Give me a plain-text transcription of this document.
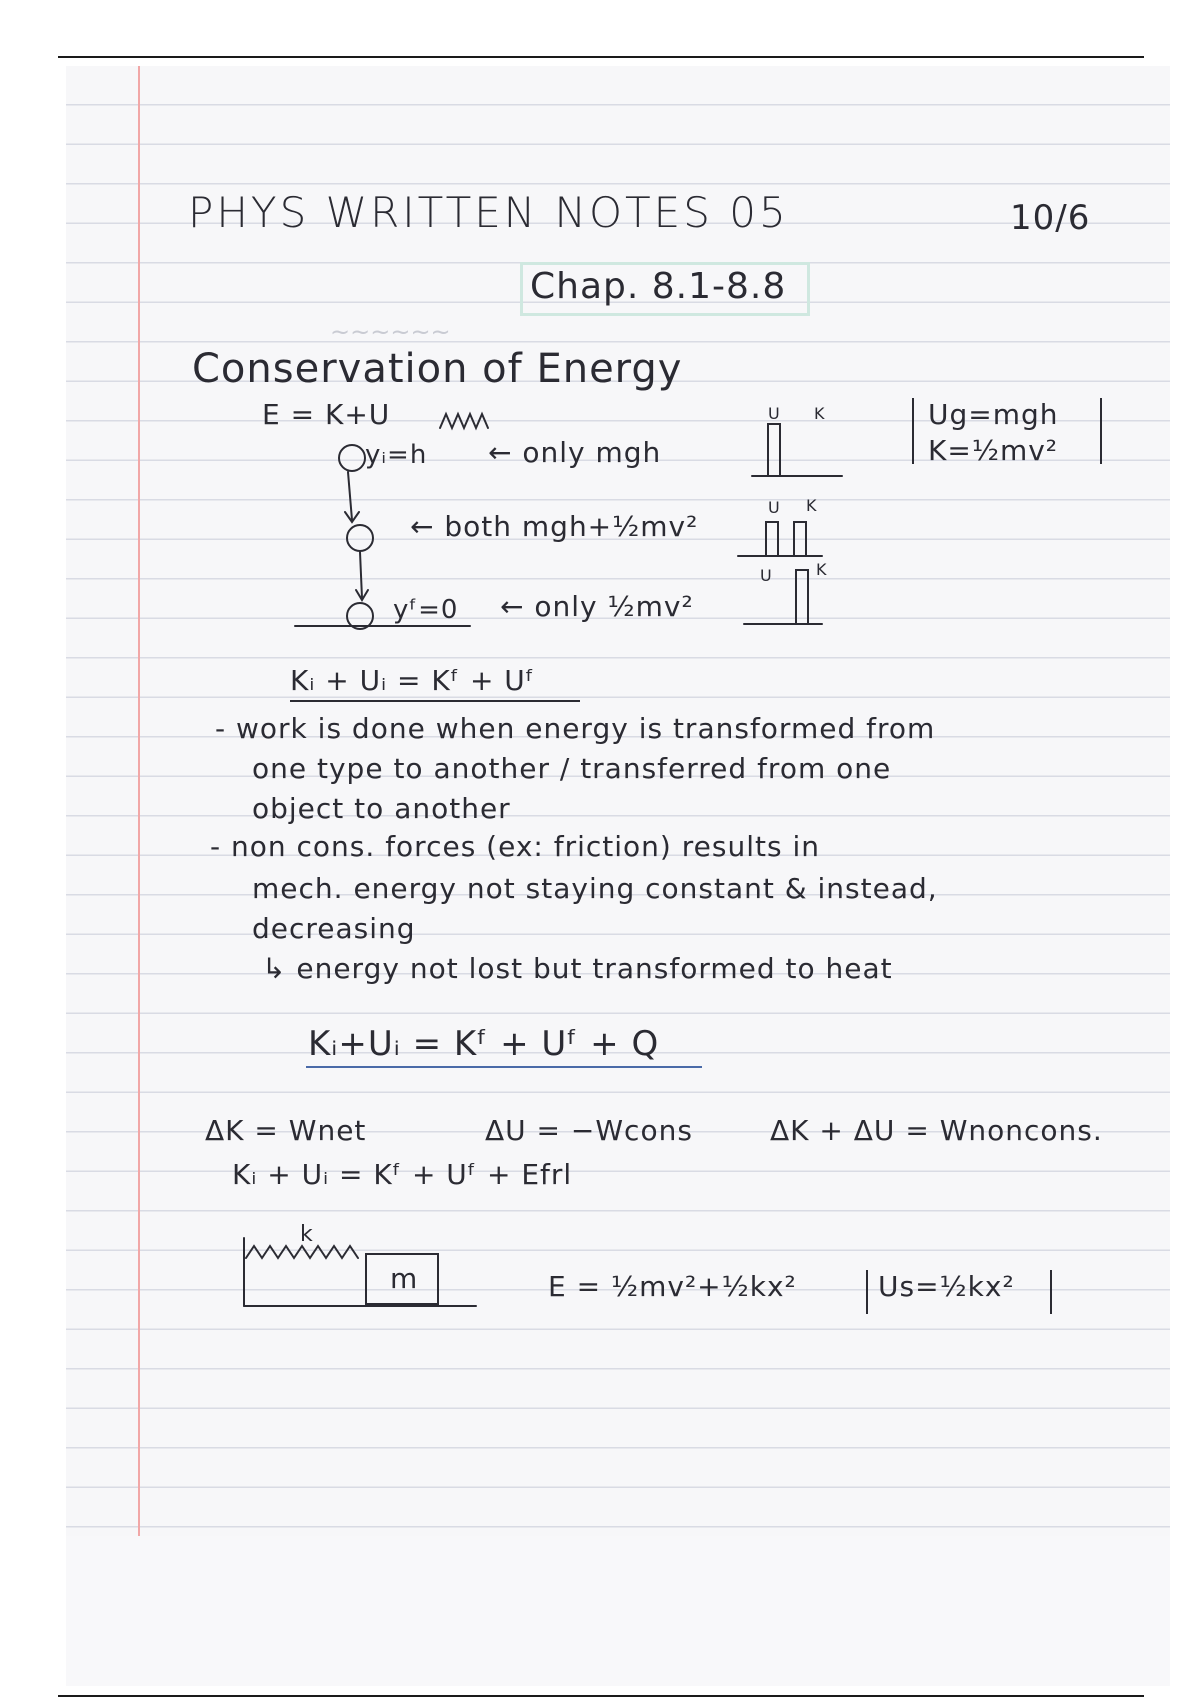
PHYS WRITTEN NOTES 05	10/6
Chap. 8.1-8.8
Conservation of Energy
E = K+U
yᵢ=h ← only mgh
← both mgh+½mv²
yᶠ=0 ← only ½mv²
U K
U K
U	K
Ug=mgh
K=½mv²
~~~~~~
Kᵢ + Uᵢ = Kᶠ + Uᶠ
- work is done when energy is transformed from
one type to another / transferred from one
object to another
- non cons. forces (ex: friction) results in
mech. energy not staying constant & instead,
decreasing
↳ energy not lost but transformed to heat
Kᵢ+Uᵢ = Kᶠ + Uᶠ + Q
ΔK = Wnet	ΔU = −Wcons	ΔK + ΔU = Wnoncons.
Kᵢ + Uᵢ = Kᶠ + Uᶠ + Efrl
k
m	E = ½mv²+½kx²	Us=½kx²
